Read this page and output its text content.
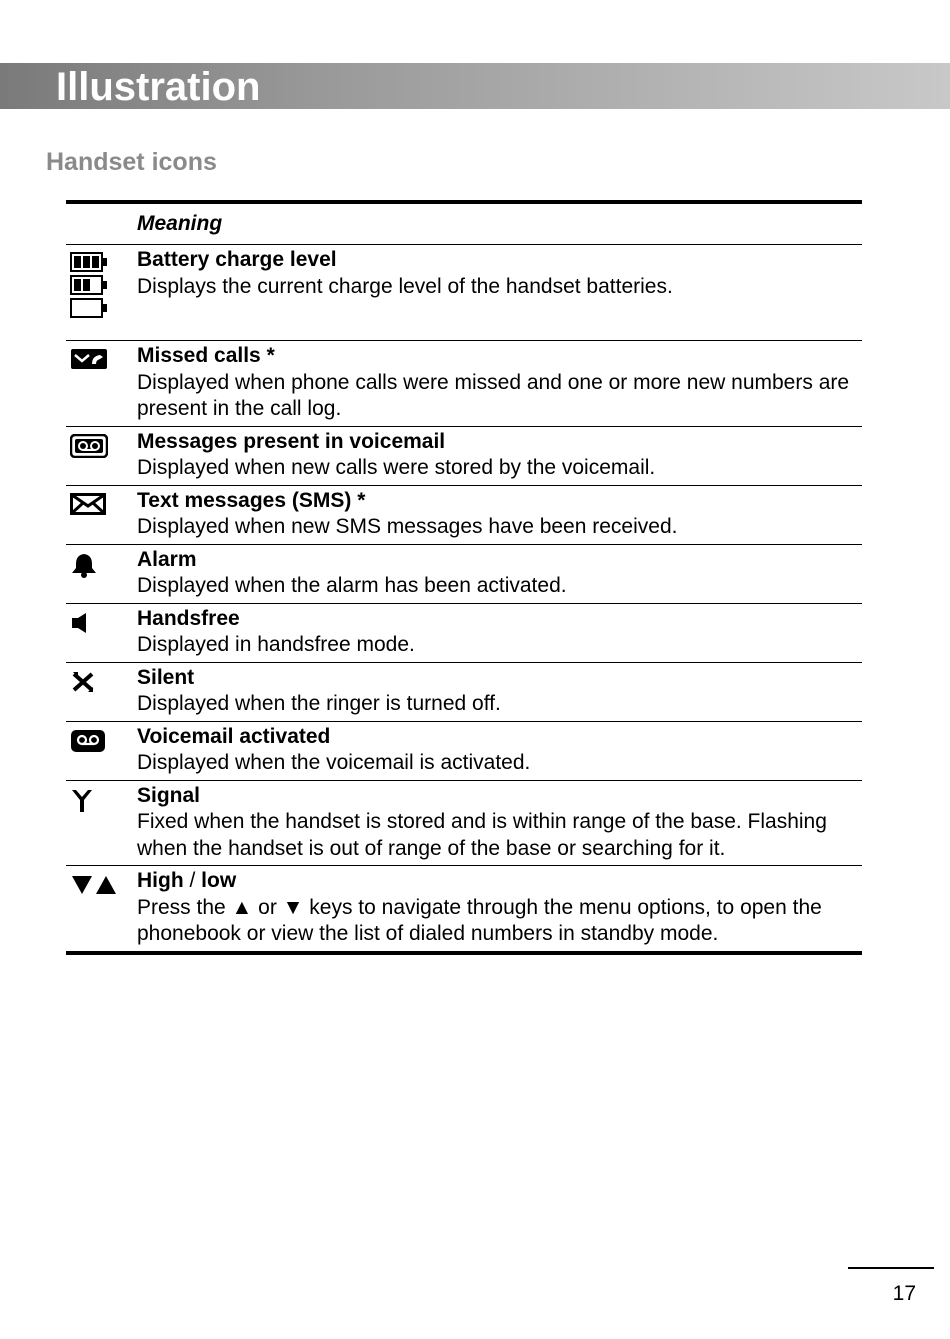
Illustration
Handset icons
	Meaning

Battery charge level
Displays the current charge level of the handset batteries.

Missed calls *
Displayed when phone calls were missed and one or more new numbers are present in the call log.

Messages present in voicemail
Displayed when new calls were stored by the voicemail.

Text messages (SMS) *
Displayed when new SMS messages have been received.

Alarm
Displayed when the alarm has been activated.

Handsfree
Displayed in handsfree mode.

Silent
Displayed when the ringer is turned off.

Voicemail activated
Displayed when the voicemail is activated.

Signal
Fixed when the handset is stored and is within range of the base. Flashing when the handset is out of range of the base or searching for it.

High / low
Press the ▲ or ▼ keys to navigate through the menu options, to open the phonebook or view the list of dialed numbers in standby mode.
17
